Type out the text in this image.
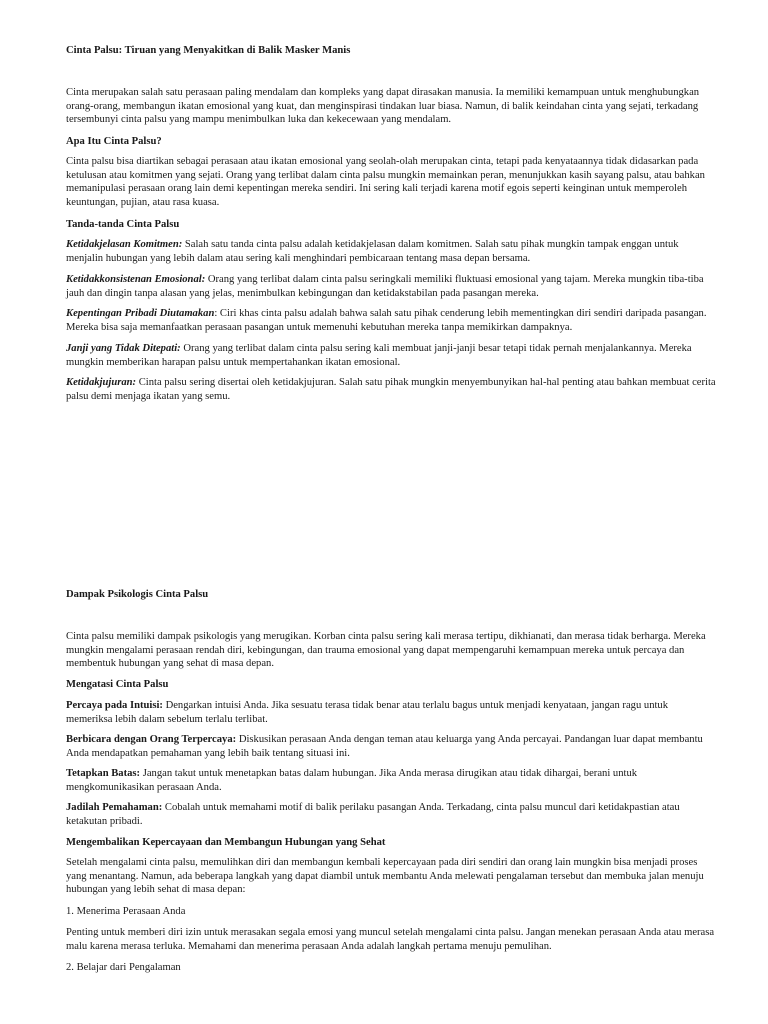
Cinta Palsu: Tiruan yang Menyakitkan di Balik Masker Manis

Cinta merupakan salah satu perasaan paling mendalam dan kompleks yang dapat dirasakan manusia. Ia memiliki kemampuan untuk menghubungkan orang-orang, membangun ikatan emosional yang kuat, dan menginspirasi tindakan luar biasa. Namun, di balik keindahan cinta yang sejati, terkadang tersembunyi cinta palsu yang mampu menimbulkan luka dan kekecewaan yang mendalam.

Apa Itu Cinta Palsu?

Cinta palsu bisa diartikan sebagai perasaan atau ikatan emosional yang seolah-olah merupakan cinta, tetapi pada kenyataannya tidak didasarkan pada ketulusan atau komitmen yang sejati. Orang yang terlibat dalam cinta palsu mungkin memainkan peran, menunjukkan kasih sayang palsu, atau bahkan memanipulasi perasaan orang lain demi kepentingan mereka sendiri. Ini sering kali terjadi karena motif egois seperti keinginan untuk memperoleh keuntungan, pujian, atau rasa kuasa.

Tanda-tanda Cinta Palsu

Ketidakjelasan Komitmen: Salah satu tanda cinta palsu adalah ketidakjelasan dalam komitmen. Salah satu pihak mungkin tampak enggan untuk menjalin hubungan yang lebih dalam atau sering kali menghindari pembicaraan tentang masa depan bersama.

Ketidakkonsistenan Emosional: Orang yang terlibat dalam cinta palsu seringkali memiliki fluktuasi emosional yang tajam. Mereka mungkin tiba-tiba jauh dan dingin tanpa alasan yang jelas, menimbulkan kebingungan dan ketidakstabilan pada pasangan mereka.

Kepentingan Pribadi Diutamakan: Ciri khas cinta palsu adalah bahwa salah satu pihak cenderung lebih mementingkan diri sendiri daripada pasangan. Mereka bisa saja memanfaatkan perasaan pasangan untuk memenuhi kebutuhan mereka tanpa memikirkan dampaknya.

Janji yang Tidak Ditepati: Orang yang terlibat dalam cinta palsu sering kali membuat janji-janji besar tetapi tidak pernah menjalankannya. Mereka mungkin memberikan harapan palsu untuk mempertahankan ikatan emosional.

Ketidakjujuran: Cinta palsu sering disertai oleh ketidakjujuran. Salah satu pihak mungkin menyembunyikan hal-hal penting atau bahkan membuat cerita palsu demi menjaga ikatan yang semu.

Dampak Psikologis Cinta Palsu

Cinta palsu memiliki dampak psikologis yang merugikan. Korban cinta palsu sering kali merasa tertipu, dikhianati, dan merasa tidak berharga. Mereka mungkin mengalami perasaan rendah diri, kebingungan, dan trauma emosional yang dapat mempengaruhi kemampuan mereka untuk percaya dan membentuk hubungan yang sehat di masa depan.

Mengatasi Cinta Palsu

Percaya pada Intuisi: Dengarkan intuisi Anda. Jika sesuatu terasa tidak benar atau terlalu bagus untuk menjadi kenyataan, jangan ragu untuk memeriksa lebih dalam sebelum terlalu terlibat.

Berbicara dengan Orang Terpercaya: Diskusikan perasaan Anda dengan teman atau keluarga yang Anda percayai. Pandangan luar dapat membantu Anda mendapatkan pemahaman yang lebih baik tentang situasi ini.

Tetapkan Batas: Jangan takut untuk menetapkan batas dalam hubungan. Jika Anda merasa dirugikan atau tidak dihargai, berani untuk mengkomunikasikan perasaan Anda.

Jadilah Pemahaman: Cobalah untuk memahami motif di balik perilaku pasangan Anda. Terkadang, cinta palsu muncul dari ketidakpastian atau ketakutan pribadi.

Mengembalikan Kepercayaan dan Membangun Hubungan yang Sehat

Setelah mengalami cinta palsu, memulihkan diri dan membangun kembali kepercayaan pada diri sendiri dan orang lain mungkin bisa menjadi proses yang menantang. Namun, ada beberapa langkah yang dapat diambil untuk membantu Anda melewati pengalaman tersebut dan membuka jalan menuju hubungan yang lebih sehat di masa depan:

1. Menerima Perasaan Anda

Penting untuk memberi diri izin untuk merasakan segala emosi yang muncul setelah mengalami cinta palsu. Jangan menekan perasaan Anda atau merasa malu karena merasa terluka. Memahami dan menerima perasaan Anda adalah langkah pertama menuju pemulihan.

2. Belajar dari Pengalaman
